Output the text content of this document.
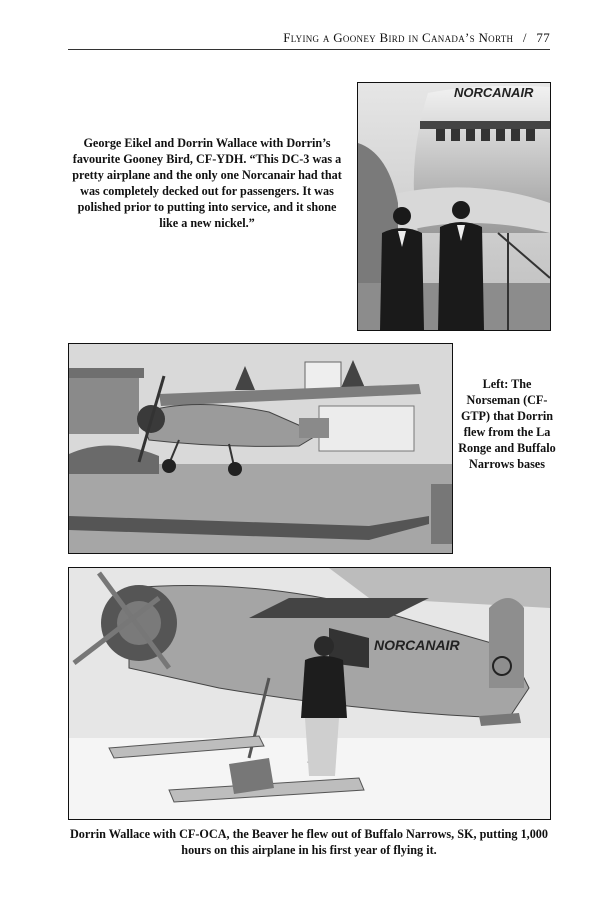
Flying a Gooney Bird in Canada’s North / 77
NORCANAIR
George Eikel and Dorrin Wallace with Dorrin’s favourite Gooney Bird, CF-YDH. “This DC-3 was a pretty airplane and the only one Norcanair had that was completely decked out for passengers. It was polished prior to putting into service, and it shone like a new nickel.”
Left: The Norseman (CF-GTP) that Dorrin flew from the La Ronge and Buffalo Narrows bases
NORCANAIR
Dorrin Wallace with CF-OCA, the Beaver he flew out of Buffalo Narrows, SK, putting 1,000 hours on this airplane in his first year of flying it.
